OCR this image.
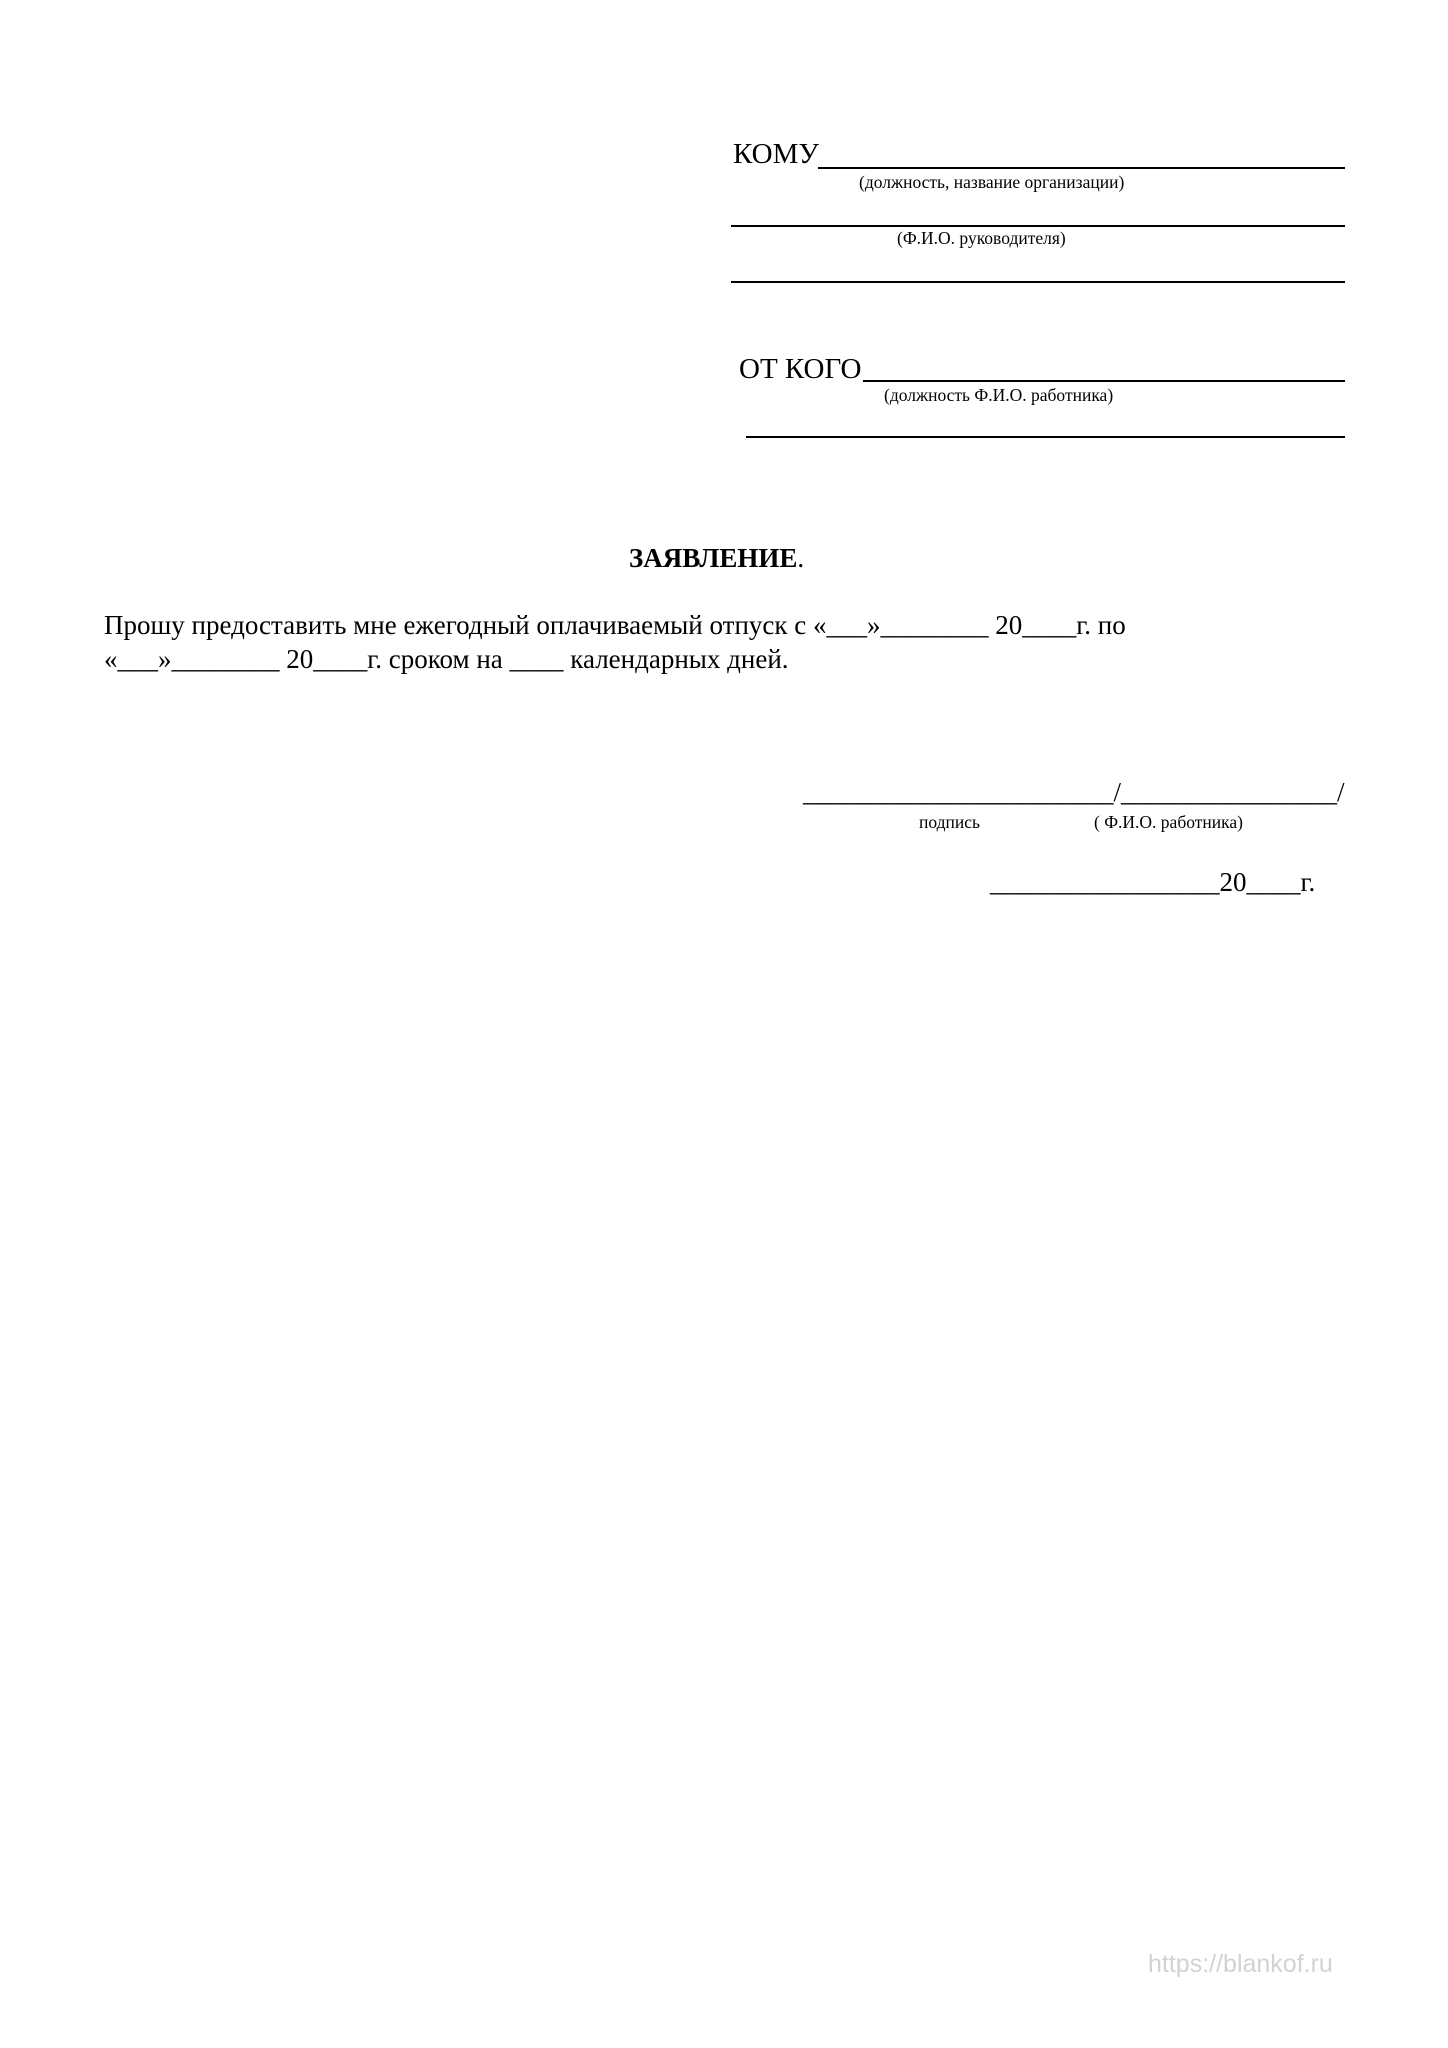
КОМУ
(должность, название организации)
(Ф.И.О. руководителя)
ОТ КОГО
(должность Ф.И.О. работника)
ЗАЯВЛЕНИЕ.
Прошу предоставить мне ежегодный оплачиваемый отпуск с «___»________ 20____г. по
«___»________ 20____г. сроком на ____ календарных дней.
_______________________/________________/
подпись	( Ф.И.О. работника)
_________________20____г.
https://blankof.ru
